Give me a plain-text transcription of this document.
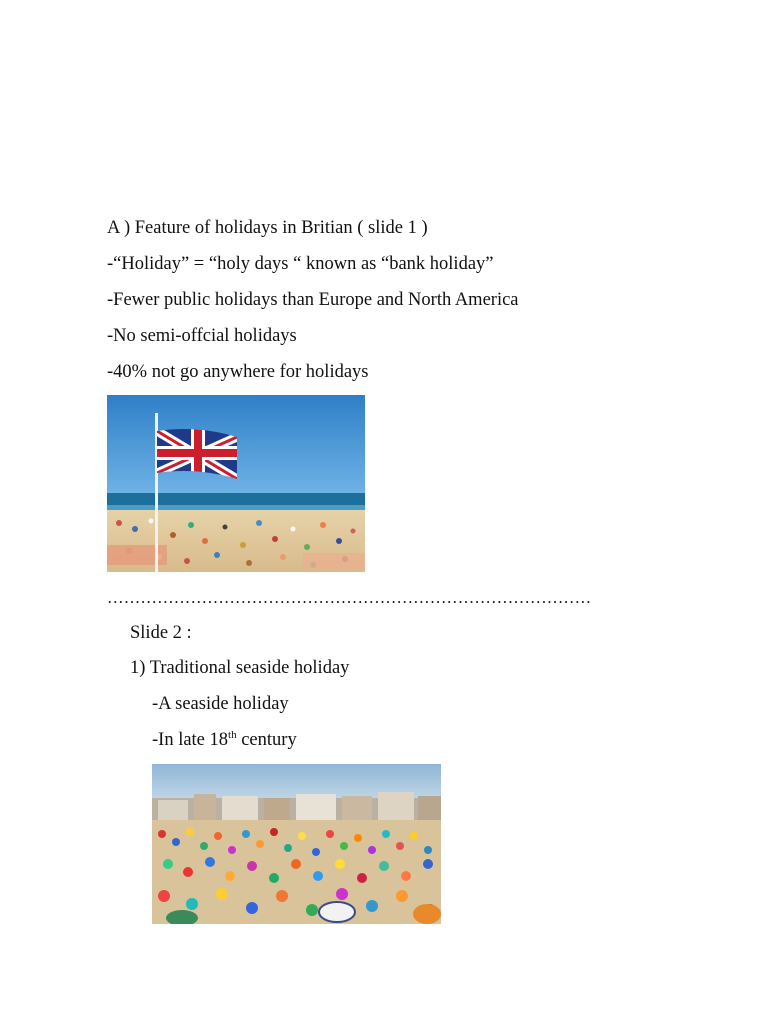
A ) Feature of holidays in Britian ( slide 1 )
-“Holiday” = “holy days “ known as “bank holiday”
-Fewer public holidays than Europe and North America
-No semi-offcial holidays
-40% not go anywhere for holidays
……………………………………………………………………………
Slide 2 :
1) Traditional seaside holiday
-A seaside holiday
-In late 18th century
